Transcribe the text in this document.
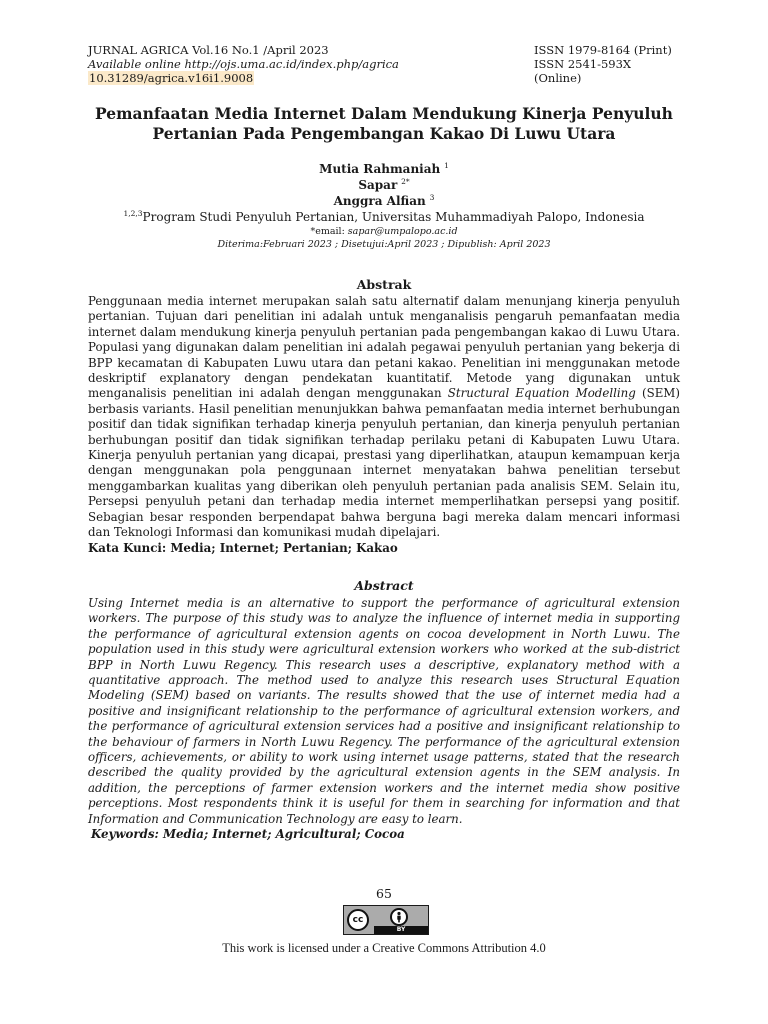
JURNAL AGRICA Vol.16 No.1 /April 2023
Available online http://ojs.uma.ac.id/index.php/agrica
10.31289/agrica.v16i1.9008
ISSN 1979-8164 (Print)
ISSN 2541-593X (Online)
Pemanfaatan Media Internet Dalam Mendukung Kinerja Penyuluh
Pertanian Pada Pengembangan Kakao Di Luwu Utara
Mutia Rahmaniah $^1$
Sapar $^{2*}$
Anggra Alfian $^3$
$^{1,2,3}$Program Studi Penyuluh Pertanian, Universitas Muhammadiyah Palopo, Indonesia
*email: sapar@umpalopo.ac.id
Diterima:Februari 2023 ; Disetujui:April 2023 ; Dipublish: April 2023
Abstrak
Penggunaan media internet merupakan salah satu alternatif dalam menunjang kinerja penyuluh pertanian. Tujuan dari penelitian ini adalah untuk menganalisis pengaruh pemanfaatan media internet dalam mendukung kinerja penyuluh pertanian pada pengembangan kakao di Luwu Utara. Populasi yang digunakan dalam penelitian ini adalah pegawai penyuluh pertanian yang bekerja di BPP kecamatan di Kabupaten Luwu utara dan petani kakao. Penelitian ini menggunakan metode deskriptif explanatory dengan pendekatan kuantitatif. Metode yang digunakan untuk menganalisis penelitian ini adalah dengan menggunakan Structural Equation Modelling (SEM) berbasis variants. Hasil penelitian menunjukkan bahwa pemanfaatan media internet berhubungan positif dan tidak signifikan terhadap kinerja penyuluh pertanian, dan kinerja penyuluh pertanian berhubungan positif dan tidak signifikan terhadap perilaku petani di Kabupaten Luwu Utara. Kinerja penyuluh pertanian yang dicapai, prestasi yang diperlihatkan, ataupun kemampuan kerja dengan menggunakan pola penggunaan internet menyatakan bahwa penelitian tersebut menggambarkan kualitas yang diberikan oleh penyuluh pertanian pada analisis SEM. Selain itu, Persepsi penyuluh petani dan terhadap media internet memperlihatkan persepsi yang positif. Sebagian besar responden berpendapat bahwa berguna bagi mereka dalam mencari informasi dan Teknologi Informasi dan komunikasi mudah dipelajari.
Kata Kunci: Media; Internet; Pertanian; Kakao
Abstract
Using Internet media is an alternative to support the performance of agricultural extension workers. The purpose of this study was to analyze the influence of internet media in supporting the performance of agricultural extension agents on cocoa development in North Luwu. The population used in this study were agricultural extension workers who worked at the sub-district BPP in North Luwu Regency. This research uses a descriptive, explanatory method with a quantitative approach. The method used to analyze this research uses Structural Equation Modeling (SEM) based on variants. The results showed that the use of internet media had a positive and insignificant relationship to the performance of agricultural extension workers, and the performance of agricultural extension services had a positive and insignificant relationship to the behaviour of farmers in North Luwu Regency. The performance of the agricultural extension officers, achievements, or ability to work using internet usage patterns, stated that the research described the quality provided by the agricultural extension agents in the SEM analysis. In addition, the perceptions of farmer extension workers and the internet media show positive perceptions. Most respondents think it is useful for them in searching for information and that Information and Communication Technology are easy to learn.
Keywords: Media; Internet; Agricultural; Cocoa
65
cc
BY
This work is licensed under a Creative Commons Attribution 4.0
